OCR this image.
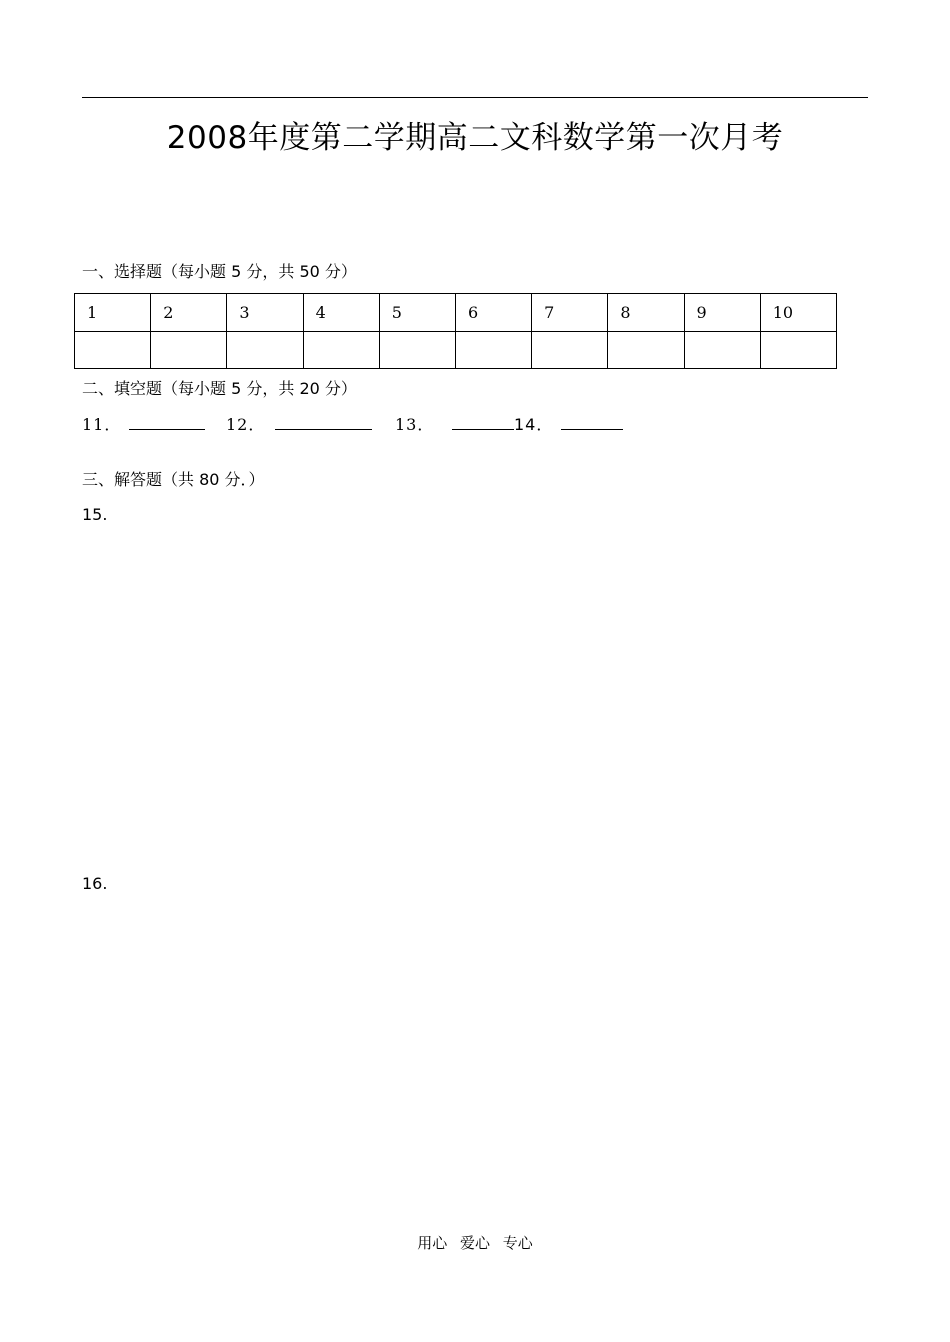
2008年度第二学期高二文科数学第一次月考
一、选择题（每小题 5 分，共 50 分）
1	2	3	4	5	6	7	8	9	10

二、填空题（每小题 5 分，共 20 分）
11．	12．	13．	14．
三、解答题（共 80 分．）
15.
16.
用心 爱心 专心
